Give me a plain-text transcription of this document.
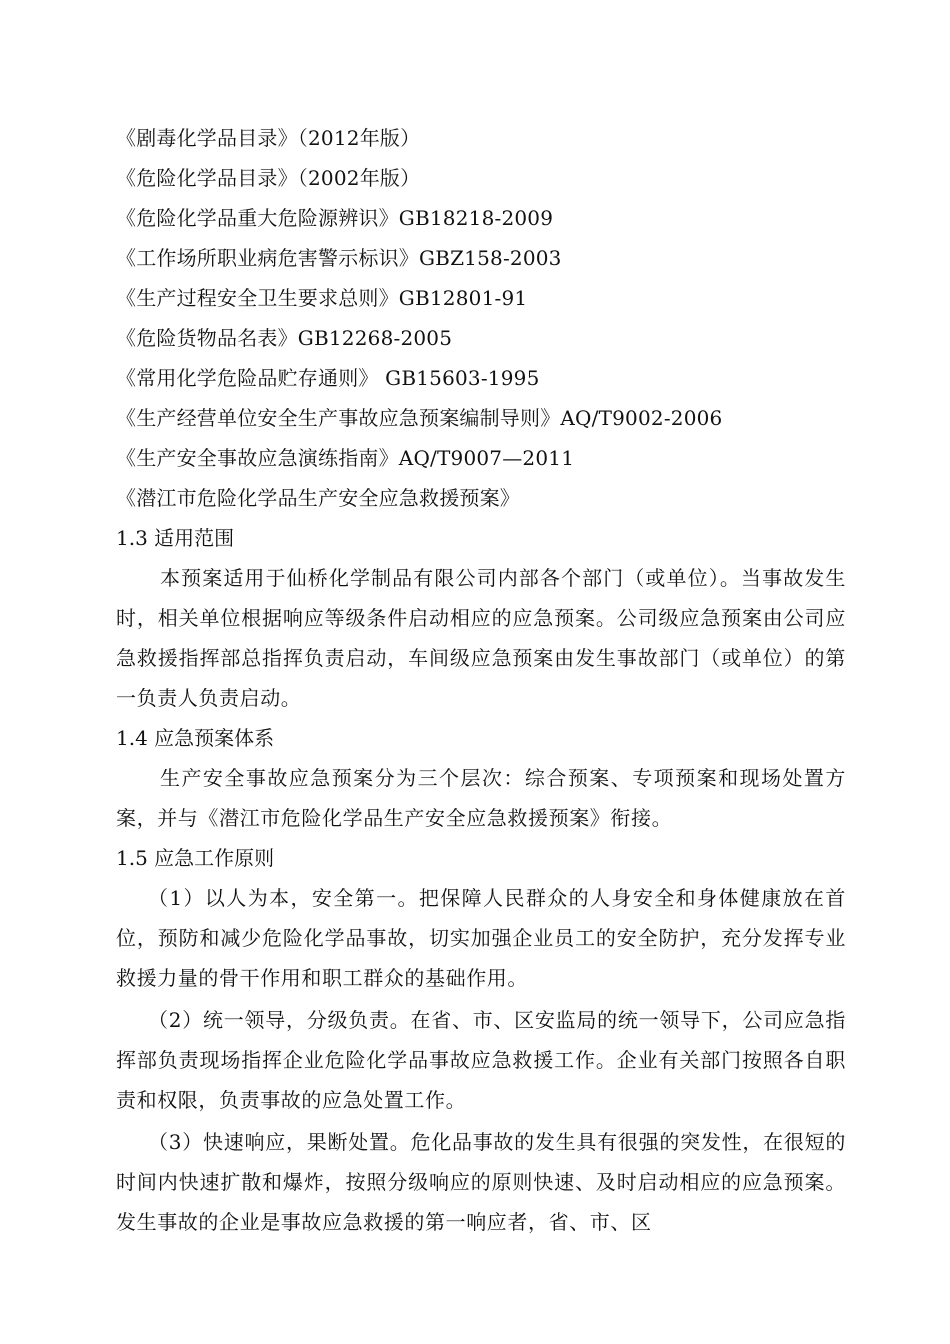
《剧毒化学品目录》（2012年版）
《危险化学品目录》（2002年版）
《危险化学品重大危险源辨识》GB18218-2009
《工作场所职业病危害警示标识》GBZ158-2003
《生产过程安全卫生要求总则》GB12801-91
《危险货物品名表》GB12268-2005
《常用化学危险品贮存通则》 GB15603-1995
《生产经营单位安全生产事故应急预案编制导则》AQ/T9002-2006
《生产安全事故应急演练指南》AQ/T9007—2011
《潜江市危险化学品生产安全应急救援预案》
1.3 适用范围

本预案适用于仙桥化学制品有限公司内部各个部门（或单位）。当事故发生时，相关单位根据响应等级条件启动相应的应急预案。公司级应急预案由公司应急救援指挥部总指挥负责启动，车间级应急预案由发生事故部门（或单位）的第一负责人负责启动。

1.4 应急预案体系

生产安全事故应急预案分为三个层次：综合预案、专项预案和现场处置方案，并与《潜江市危险化学品生产安全应急救援预案》衔接。

1.5 应急工作原则

（1）以人为本，安全第一。把保障人民群众的人身安全和身体健康放在首位，预防和减少危险化学品事故，切实加强企业员工的安全防护，充分发挥专业救援力量的骨干作用和职工群众的基础作用。

（2）统一领导，分级负责。在省、市、区安监局的统一领导下，公司应急指挥部负责现场指挥企业危险化学品事故应急救援工作。企业有关部门按照各自职责和权限，负责事故的应急处置工作。

（3）快速响应，果断处置。危化品事故的发生具有很强的突发性，在很短的时间内快速扩散和爆炸，按照分级响应的原则快速、及时启动相应的应急预案。发生事故的企业是事故应急救援的第一响应者，省、市、区
